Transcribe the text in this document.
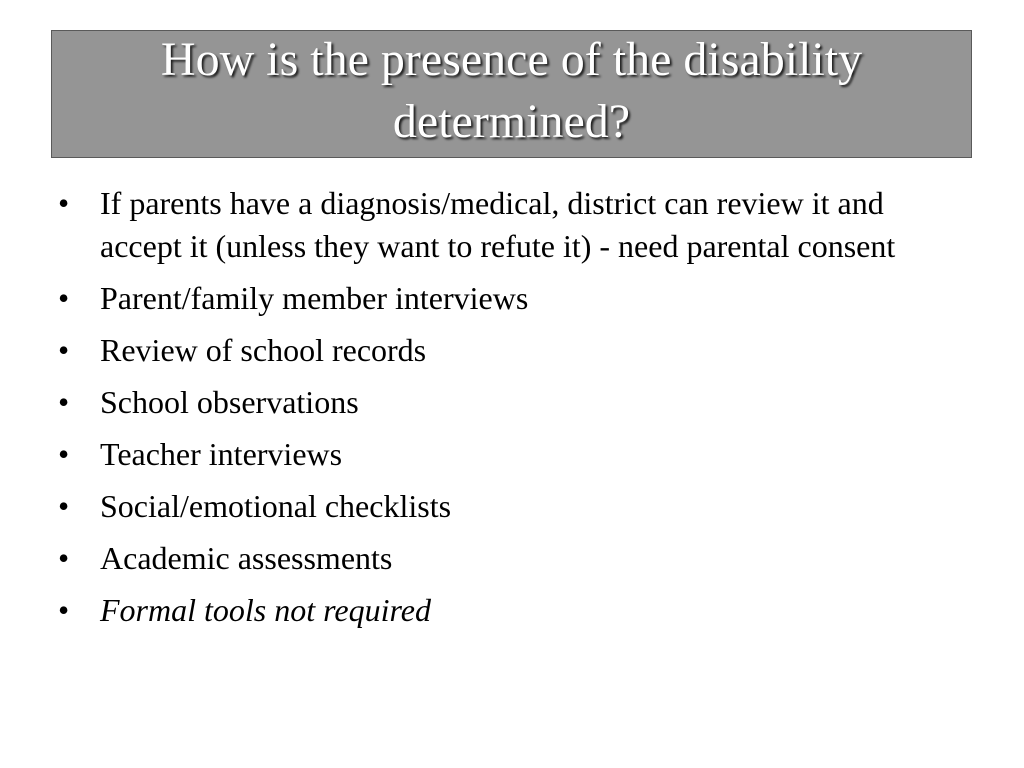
How is the presence of the disability
determined?
• If parents have a diagnosis/medical, district can review it and accept it (unless they want to refute it) - need parental consent
• Parent/family member interviews
• Review of school records
• School observations
• Teacher interviews
• Social/emotional checklists
• Academic assessments
• Formal tools not required
